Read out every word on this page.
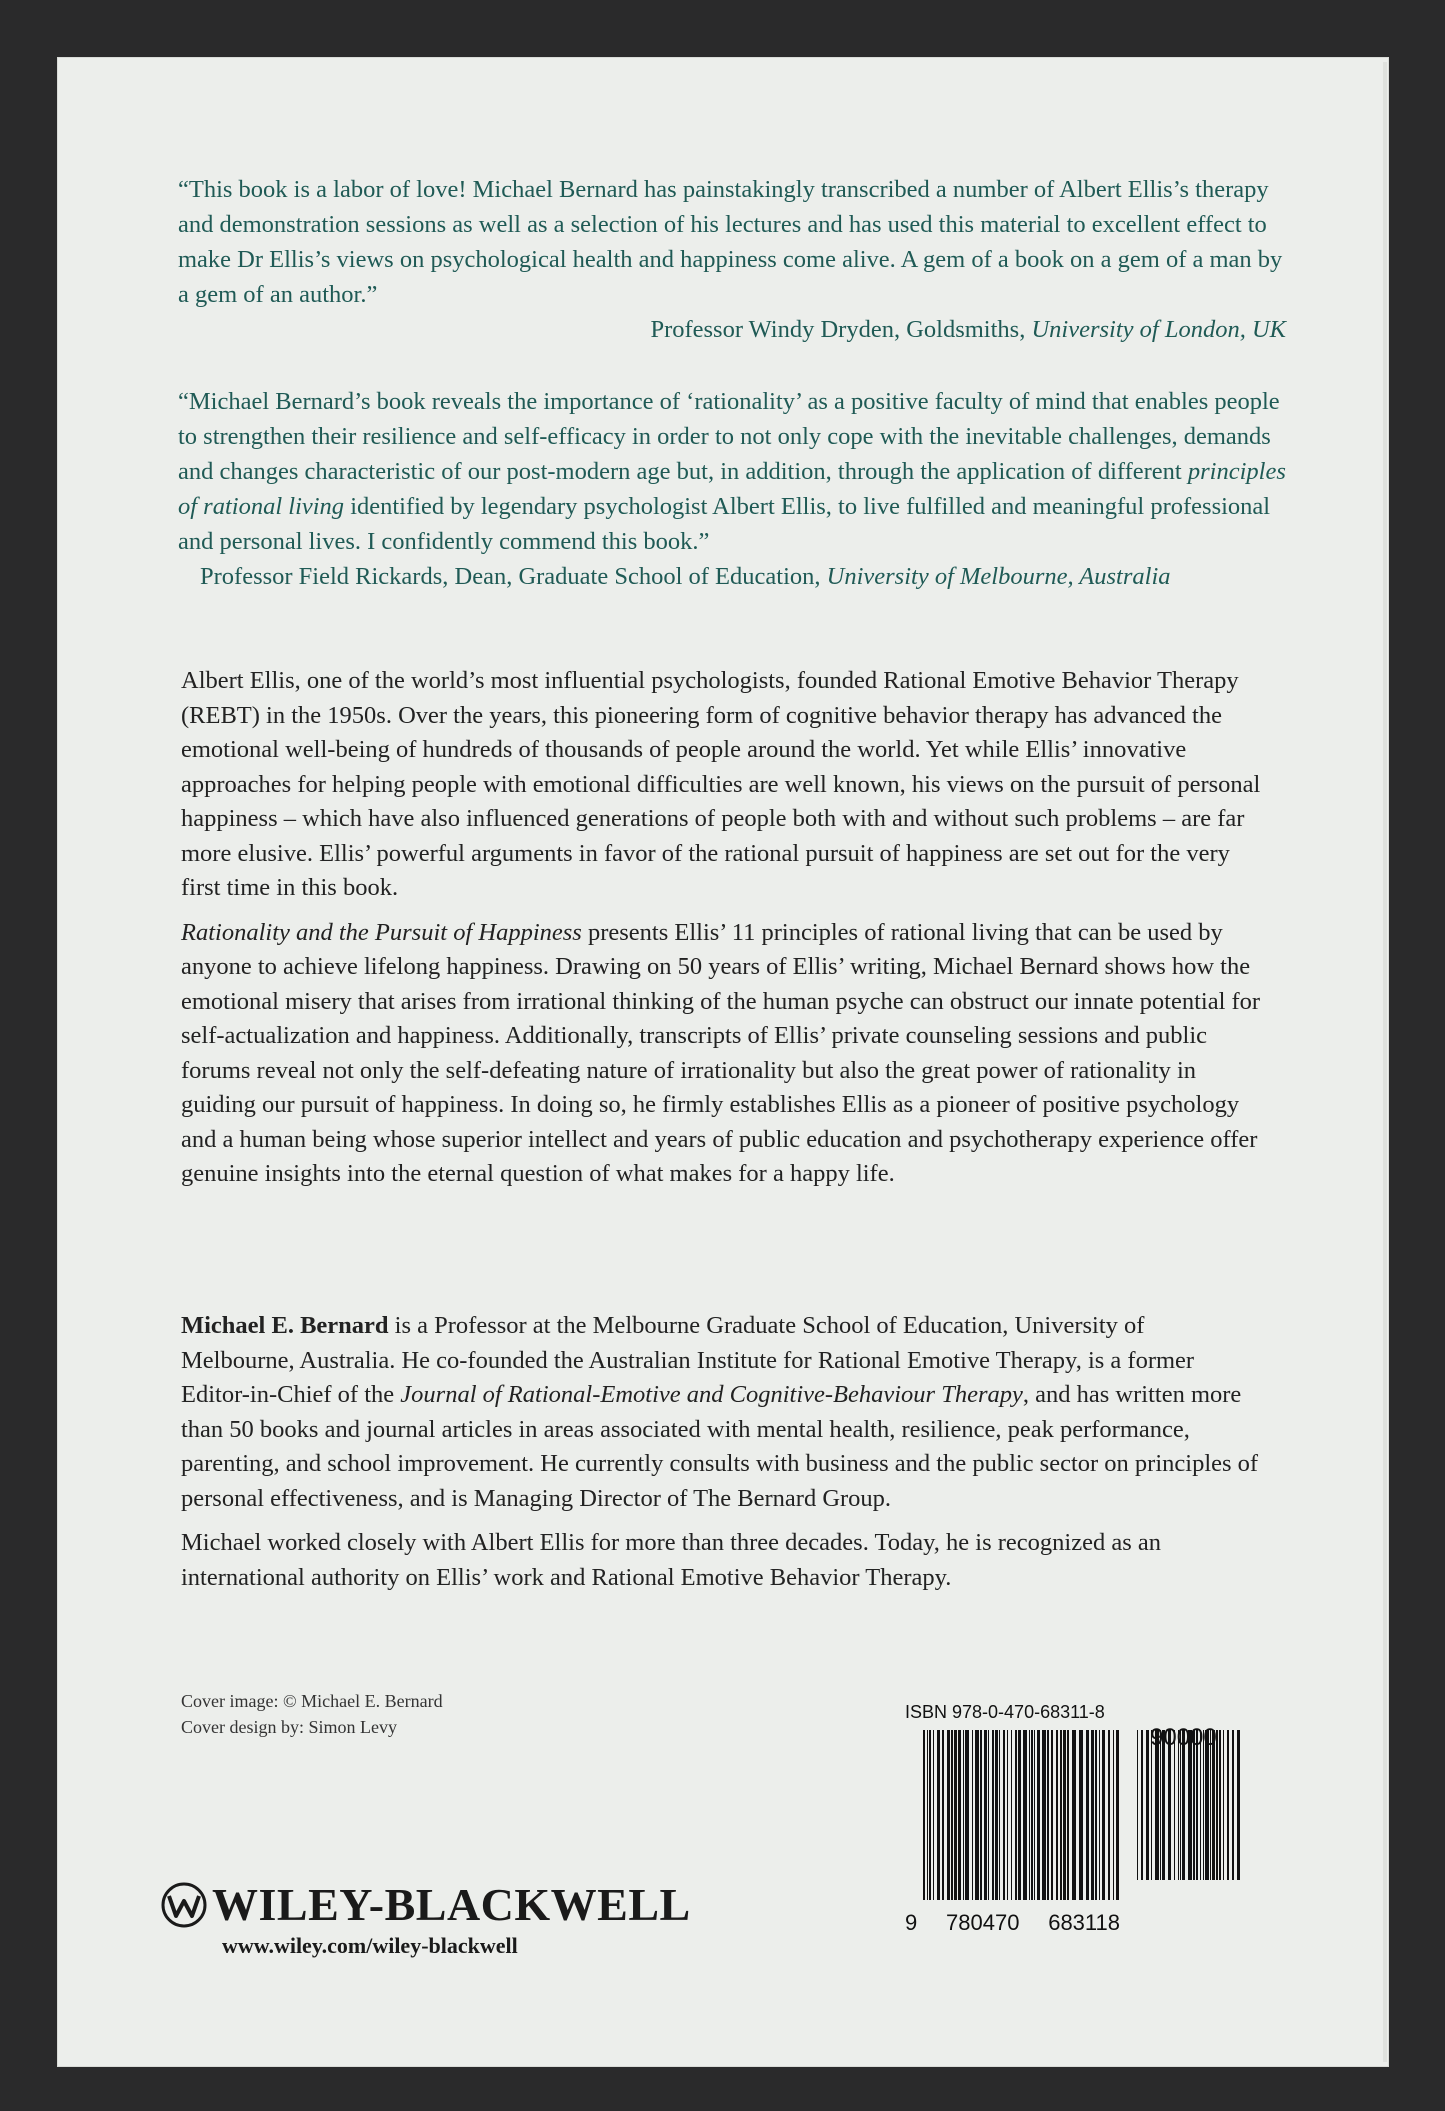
“This book is a labor of love! Michael Bernard has painstakingly transcribed a number of Albert Ellis’s therapy and demonstration sessions as well as a selection of his lectures and has used this material to excellent effect to make Dr Ellis’s views on psychological health and happiness come alive. A gem of a book on a gem of a man by a gem of an author.”

Professor Windy Dryden, Goldsmiths, University of London, UK

“Michael Bernard’s book reveals the importance of ‘rationality’ as a positive faculty of mind that enables people to strengthen their resilience and self-efficacy in order to not only cope with the inevitable challenges, demands and changes characteristic of our post-modern age but, in addition, through the application of different principles of rational living identified by legendary psychologist Albert Ellis, to live fulfilled and meaningful professional and personal lives. I confidently commend this book.”

Professor Field Rickards, Dean, Graduate School of Education, University of Melbourne, Australia

Albert Ellis, one of the world’s most influential psychologists, founded Rational Emotive Behavior Therapy (REBT) in the 1950s. Over the years, this pioneering form of cognitive behavior therapy has advanced the emotional well-being of hundreds of thousands of people around the world. Yet while Ellis’ innovative approaches for helping people with emotional difficulties are well known, his views on the pursuit of personal happiness – which have also influenced generations of people both with and without such problems – are far more elusive. Ellis’ powerful arguments in favor of the rational pursuit of happiness are set out for the very first time in this book.

Rationality and the Pursuit of Happiness presents Ellis’ 11 principles of rational living that can be used by anyone to achieve lifelong happiness. Drawing on 50 years of Ellis’ writing, Michael Bernard shows how the emotional misery that arises from irrational thinking of the human psyche can obstruct our innate potential for self-actualization and happiness. Additionally, transcripts of Ellis’ private counseling sessions and public forums reveal not only the self-defeating nature of irrationality but also the great power of rationality in guiding our pursuit of happiness. In doing so, he firmly establishes Ellis as a pioneer of positive psychology and a human being whose superior intellect and years of public education and psychotherapy experience offer genuine insights into the eternal question of what makes for a happy life.

Michael E. Bernard is a Professor at the Melbourne Graduate School of Education, University of Melbourne, Australia. He co-founded the Australian Institute for Rational Emotive Therapy, is a former Editor-in-Chief of the Journal of Rational-Emotive and Cognitive-Behaviour Therapy, and has written more than 50 books and journal articles in areas associated with mental health, resilience, peak performance, parenting, and school improvement. He currently consults with business and the public sector on principles of personal effectiveness, and is Managing Director of The Bernard Group.

Michael worked closely with Albert Ellis for more than three decades. Today, he is recognized as an international authority on Ellis’ work and Rational Emotive Behavior Therapy.

Cover image: © Michael E. Bernard
Cover design by: Simon Levy
WILEY-BLACKWELL
www.wiley.com/wiley-blackwell
ISBN 978-0-470-68311-8
90000
9 780470 683118
